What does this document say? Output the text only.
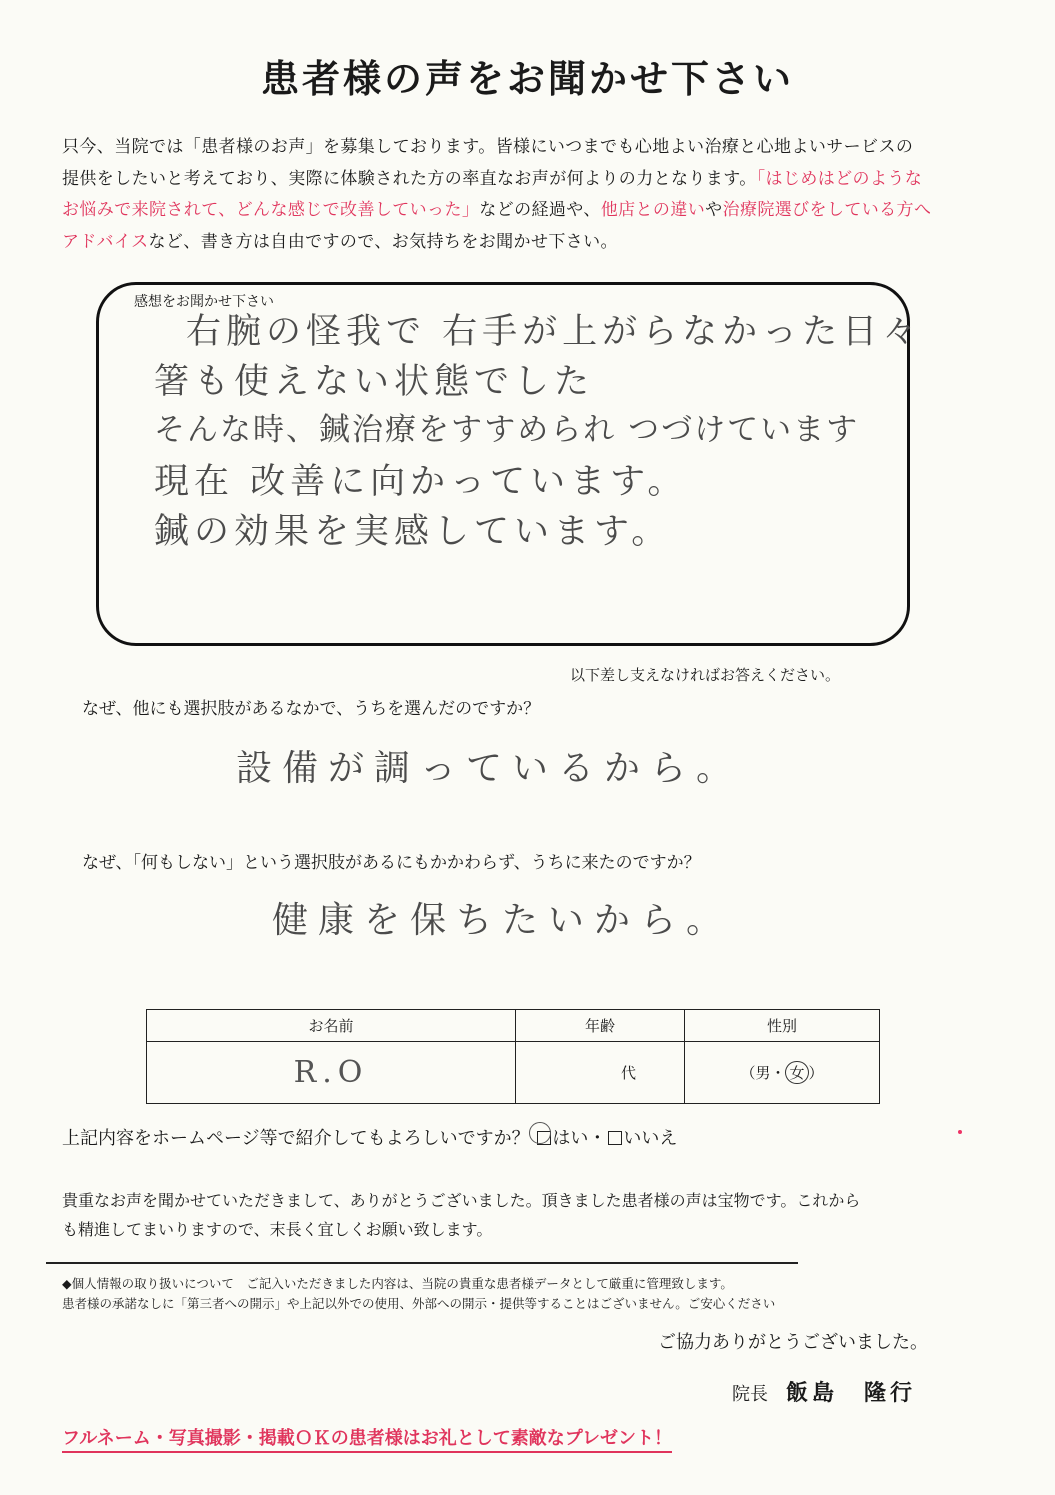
患者様の声をお聞かせ下さい

只今、当院では「患者様のお声」を募集しております。皆様にいつまでも心地よい治療と心地よいサービスの

提供をしたいと考えており、実際に体験された方の率直なお声が何よりの力となります。「はじめはどのような

お悩みで来院されて、どんな感じで改善していった」などの経過や、他店との違いや治療院選びをしている方へ

アドバイスなど、書き方は自由ですので、お気持ちをお聞かせ下さい。

感想をお聞かせ下さい
右腕の怪我で 右手が上がらなかった日々
箸も使えない状態でした
そんな時、鍼治療をすすめられ つづけています
現在 改善に向かっています。
鍼の効果を実感しています。
以下差し支えなければお答えください。
なぜ、他にも選択肢があるなかで、うちを選んだのですか？
設備が調っているから。
なぜ、「何もしない」という選択肢があるにもかかわらず、うちに来たのですか？
健康を保ちたいから。
お名前	年齢	性別
R.O	代	（男・ 女 ）
上記内容をホームページ等で紹介してもよろしいですか？ はい・ いいえ

貴重なお声を聞かせていただきまして、ありがとうございました。頂きました患者様の声は宝物です。これから

も精進してまいりますので、末長く宜しくお願い致します。

◆個人情報の取り扱いについて　ご記入いただきました内容は、当院の貴重な患者様データとして厳重に管理致します。

患者様の承諾なしに「第三者への開示」や上記以外での使用、外部への開示・提供等することはございません。ご安心ください

ご協力ありがとうございました。
院長 飯島　隆行
フルネーム・写真撮影・掲載ＯＫの患者様はお礼として素敵なプレゼント！
